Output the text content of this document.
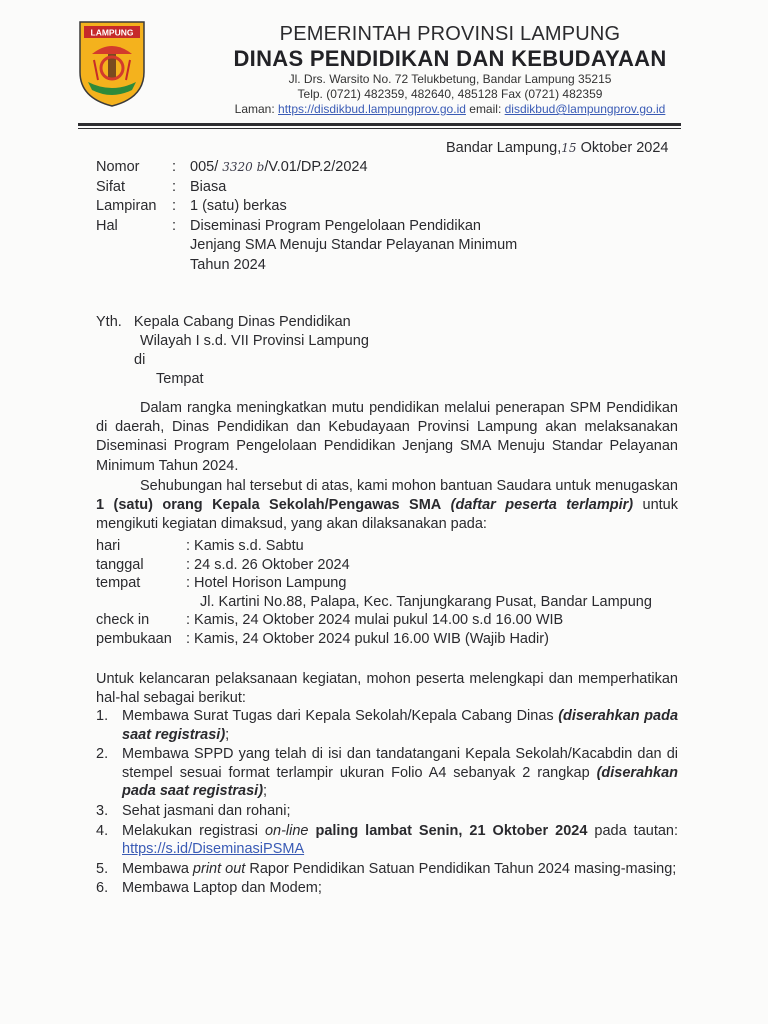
LAMPUNG	PEMERINTAH PROVINSI LAMPUNG
DINAS PENDIDIKAN DAN KEBUDAYAAN
Jl. Drs. Warsito No. 72 Telukbetung, Bandar Lampung 35215
Telp. (0721) 482359, 482640, 485128 Fax (0721) 482359
Laman: https://disdikbud.lampungprov.go.id email: disdikbud@lampungprov.go.id
Bandar Lampung,15 Oktober 2024
Nomor	: 005/ 3320 b/V.01/DP.2/2024
Sifat	: Biasa
Lampiran	: 1 (satu) berkas
Hal	: Diseminasi Program Pengelolaan Pendidikan
Jenjang SMA Menuju Standar Pelayanan Minimum
Tahun 2024
Yth. Kepala Cabang Dinas Pendidikan
Wilayah I s.d. VII Provinsi Lampung
di
Tempat
Dalam rangka meningkatkan mutu pendidikan melalui penerapan SPM Pendidikan di daerah, Dinas Pendidikan dan Kebudayaan Provinsi Lampung akan melaksanakan Diseminasi Program Pengelolaan Pendidikan Jenjang SMA Menuju Standar Pelayanan Minimum Tahun 2024.
Sehubungan hal tersebut di atas, kami mohon bantuan Saudara untuk menugaskan 1 (satu) orang Kepala Sekolah/Pengawas SMA (daftar peserta terlampir) untuk mengikuti kegiatan dimaksud, yang akan dilaksanakan pada:
hari	: Kamis s.d. Sabtu
tanggal	: 24 s.d. 26 Oktober 2024
tempat	: Hotel Horison Lampung
Jl. Kartini No.88, Palapa, Kec. Tanjungkarang Pusat, Bandar Lampung
check in	: Kamis, 24 Oktober 2024 mulai pukul 14.00 s.d 16.00 WIB
pembukaan : Kamis, 24 Oktober 2024 pukul 16.00 WIB (Wajib Hadir)
Untuk kelancaran pelaksanaan kegiatan, mohon peserta melengkapi dan memperhatikan hal-hal sebagai berikut:
1. Membawa Surat Tugas dari Kepala Sekolah/Kepala Cabang Dinas (diserahkan pada saat registrasi);
2. Membawa SPPD yang telah di isi dan tandatangani Kepala Sekolah/Kacabdin dan di stempel sesuai format terlampir ukuran Folio A4 sebanyak 2 rangkap (diserahkan pada saat registrasi);
3. Sehat jasmani dan rohani;
4. Melakukan registrasi on-line paling lambat Senin, 21 Oktober 2024 pada tautan: https://s.id/DiseminasiPSMA
5. Membawa print out Rapor Pendidikan Satuan Pendidikan Tahun 2024 masing-masing;
6. Membawa Laptop dan Modem;
